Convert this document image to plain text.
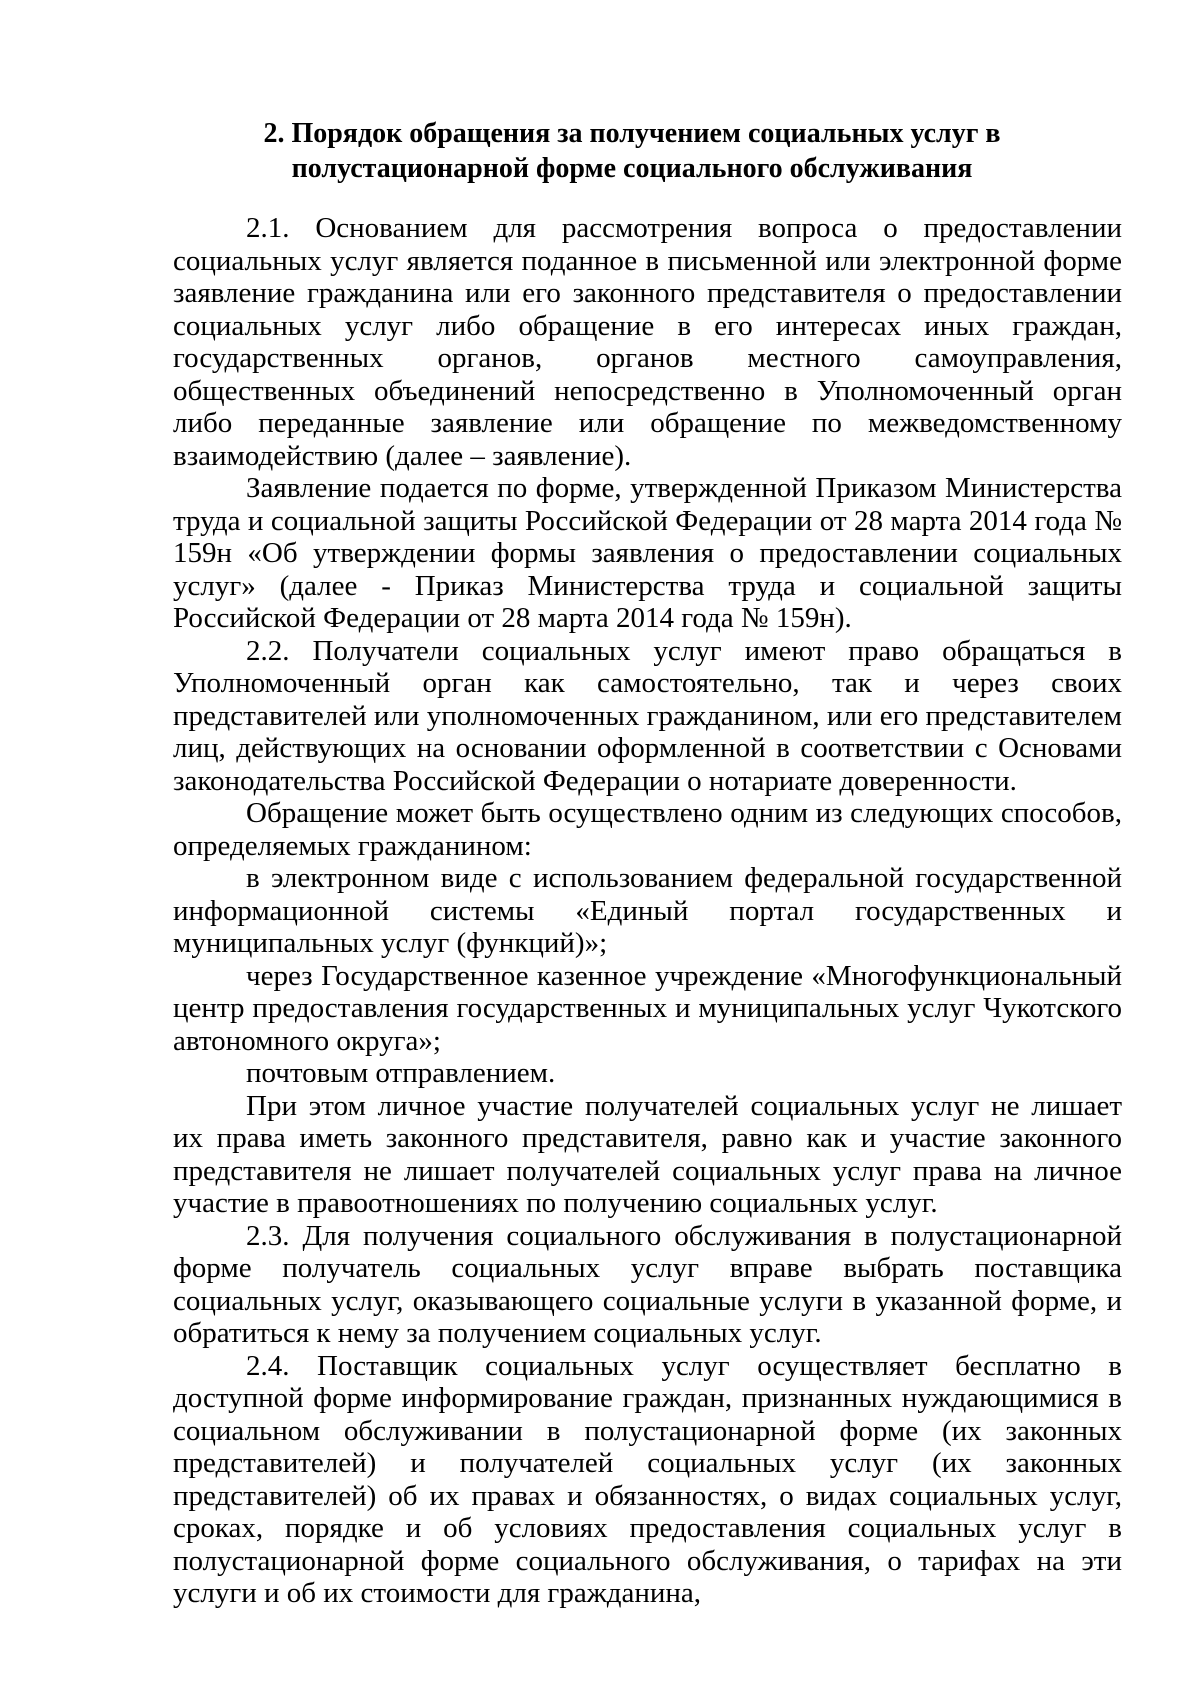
2. Порядок обращения за получением социальных услуг в
полустационарной форме социального обслуживания

2.1. Основанием для рассмотрения вопроса о предоставлении социальных услуг является поданное в письменной или электронной форме заявление гражданина или его законного представителя о предоставлении социальных услуг либо обращение в его интересах иных граждан, государственных органов, органов местного самоуправления, общественных объединений непосредственно в Уполномоченный орган либо переданные заявление или обращение по межведомственному взаимодействию (далее – заявление).

Заявление подается по форме, утвержденной Приказом Министерства труда и социальной защиты Российской Федерации от 28 марта 2014 года № 159н «Об утверждении формы заявления о предоставлении социальных услуг» (далее - Приказ Министерства труда и социальной защиты Российской Федерации от 28 марта 2014 года № 159н).

2.2. Получатели социальных услуг имеют право обращаться в Уполномоченный орган как самостоятельно, так и через своих представителей или уполномоченных гражданином, или его представителем лиц, действующих на основании оформленной в соответствии с Основами законодательства Российской Федерации о нотариате доверенности.

Обращение может быть осуществлено одним из следующих способов, определяемых гражданином:

в электронном виде с использованием федеральной государственной информационной системы «Единый портал государственных и муниципальных услуг (функций)»;

через Государственное казенное учреждение «Многофункциональный центр предоставления государственных и муниципальных услуг Чукотского автономного округа»;

почтовым отправлением.

При этом личное участие получателей социальных услуг не лишает их права иметь законного представителя, равно как и участие законного представителя не лишает получателей социальных услуг права на личное участие в правоотношениях по получению социальных услуг.

2.3. Для получения социального обслуживания в полустационарной форме получатель социальных услуг вправе выбрать поставщика социальных услуг, оказывающего социальные услуги в указанной форме, и обратиться к нему за получением социальных услуг.

2.4. Поставщик социальных услуг осуществляет бесплатно в доступной форме информирование граждан, признанных нуждающимися в социальном обслуживании в полустационарной форме (их законных представителей) и получателей социальных услуг (их законных представителей) об их правах и обязанностях, о видах социальных услуг, сроках, порядке и об условиях предоставления социальных услуг в полустационарной форме социального обслуживания, о тарифах на эти услуги и об их стоимости для гражданина,
